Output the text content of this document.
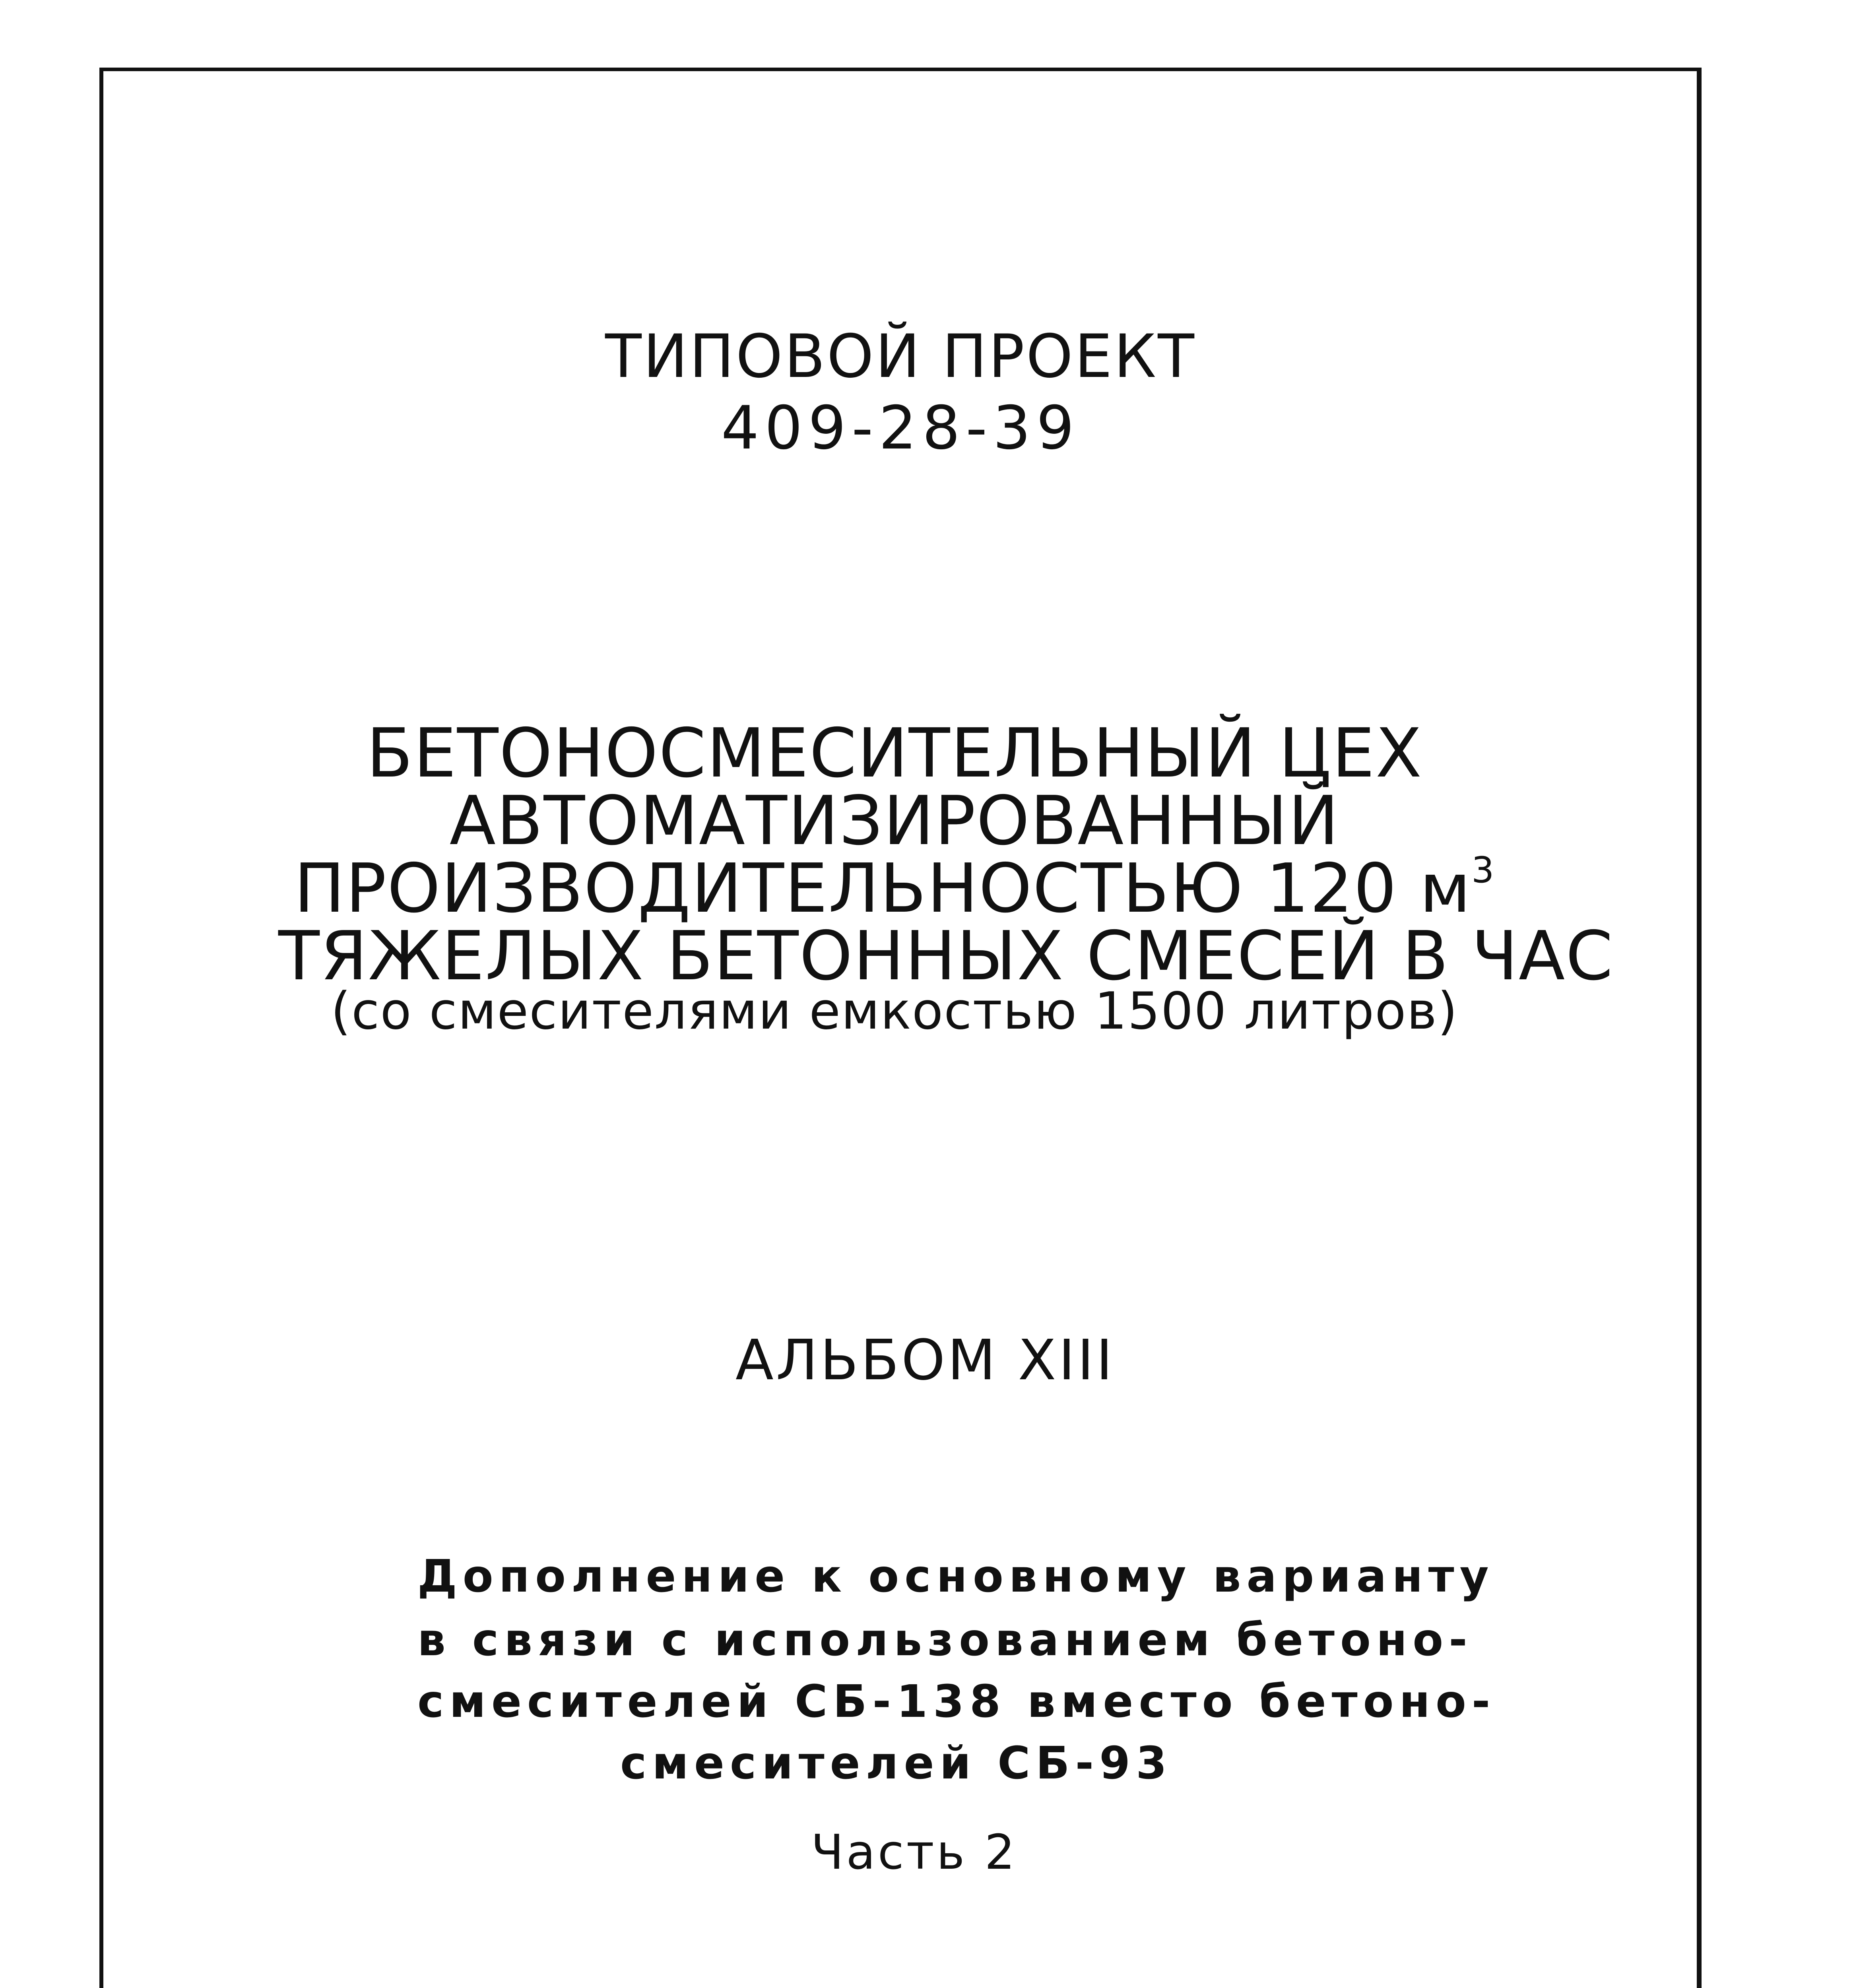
ТИПОВОЙ ПРОЕКТ
409-28-39
БЕТОНОСМЕСИТЕЛЬНЫЙ ЦЕХ
АВТОМАТИЗИРОВАННЫЙ
ПРОИЗВОДИТЕЛЬНОСТЬЮ 120 $м^3$
ТЯЖЕЛЫХ БЕТОННЫХ СМЕСЕЙ В ЧАС
(со смесителями емкостью 1500 литров)
АЛЬБОМ XIII
Дополнение к основному варианту
в связи с использованием бетоно-
смесителей СБ-138 вместо бетоно-
смесителей СБ-93
Часть 2
